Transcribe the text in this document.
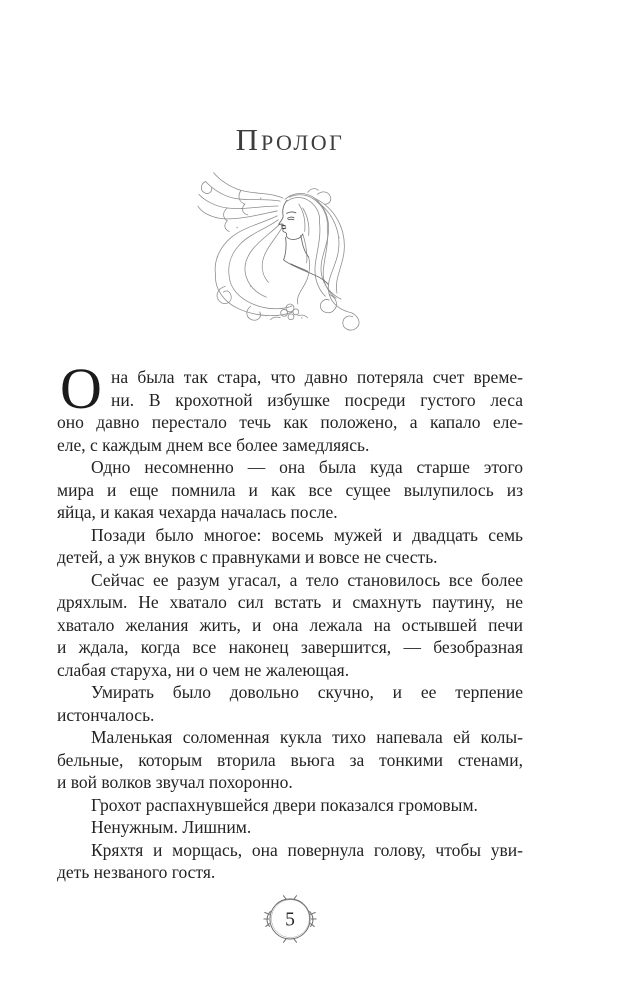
ПРОЛОГ
О на была так стара, что давно потеряла счет време-
ни. В крохотной избушке посреди густого леса
оно давно перестало течь как положено, а капало еле-
еле, с каждым днем все более замедляясь.
Одно несомненно — она была куда старше этого
мира и еще помнила и как все сущее вылупилось из
яйца, и какая чехарда началась после.
Позади было многое: восемь мужей и двадцать семь
детей, а уж внуков с правнуками и вовсе не счесть.
Сейчас ее разум угасал, а тело становилось все более
дряхлым. Не хватало сил встать и смахнуть паутину, не
хватало желания жить, и она лежала на остывшей печи
и ждала, когда все наконец завершится, — безобразная
слабая старуха, ни о чем не жалеющая.
Умирать было довольно скучно, и ее терпение
истончалось.
Маленькая соломенная кукла тихо напевала ей колы-
бельные, которым вторила вьюга за тонкими стенами,
и вой волков звучал похоронно.
Грохот распахнувшейся двери показался громовым.
Ненужным. Лишним.
Кряхтя и морщась, она повернула голову, чтобы уви-
деть незваного гостя.
5
